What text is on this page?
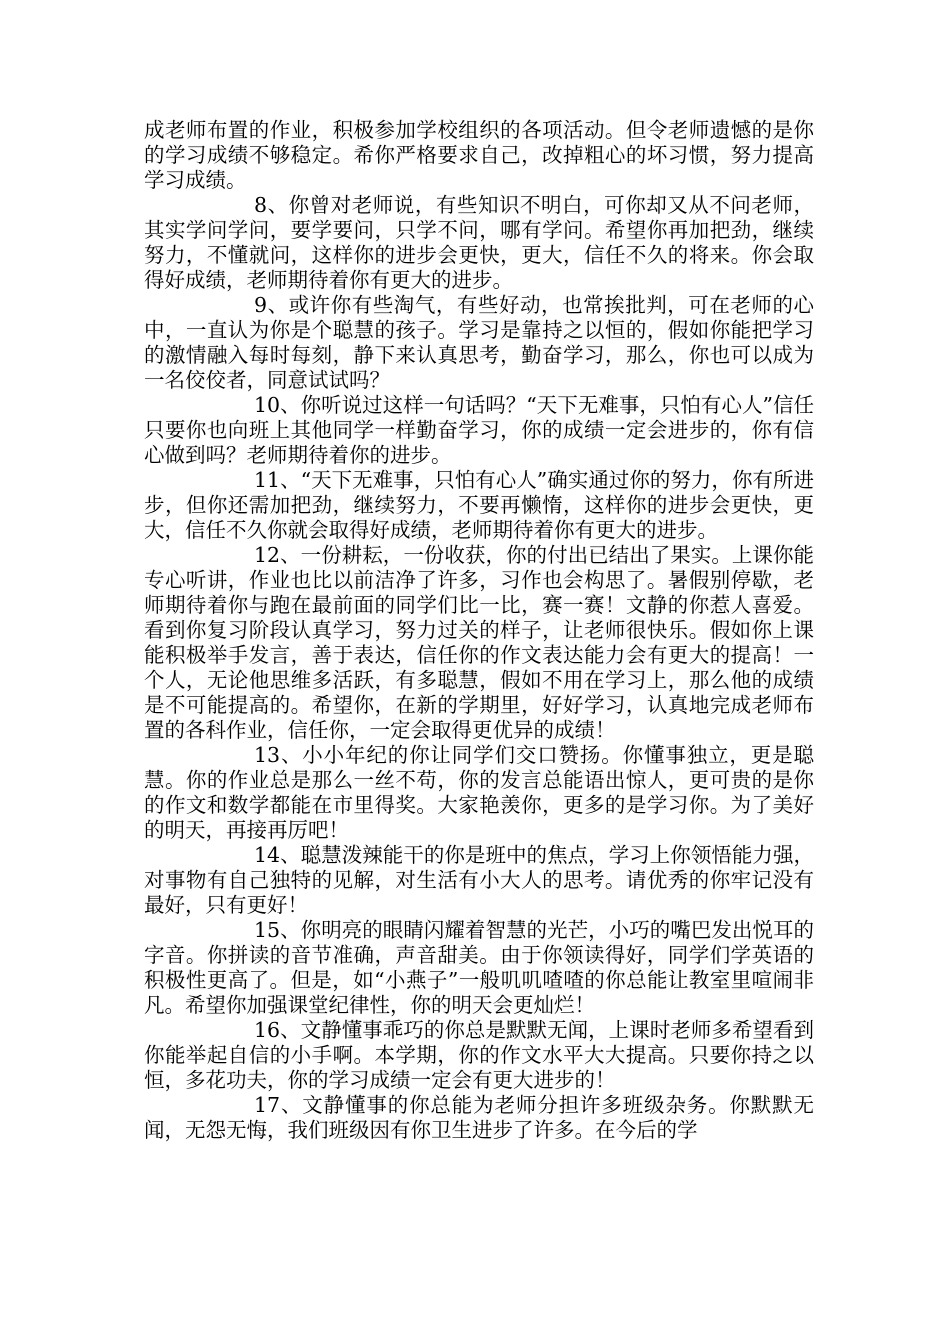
成老师布置的作业，积极参加学校组织的各项活动。但令老师遗憾的是你的学习成绩不够稳定。希你严格要求自己，改掉粗心的坏习惯，努力提高学习成绩。

8、你曾对老师说，有些知识不明白，可你却又从不问老师，其实学问学问，要学要问，只学不问，哪有学问。希望你再加把劲，继续努力，不懂就问，这样你的进步会更快，更大，信任不久的将来。你会取得好成绩，老师期待着你有更大的进步。

9、或许你有些淘气，有些好动，也常挨批判，可在老师的心中，一直认为你是个聪慧的孩子。学习是靠持之以恒的，假如你能把学习的激情融入每时每刻，静下来认真思考，勤奋学习，那么，你也可以成为一名佼佼者，同意试试吗？

10、你听说过这样一句话吗？“天下无难事，只怕有心人”信任只要你也向班上其他同学一样勤奋学习，你的成绩一定会进步的，你有信心做到吗？老师期待着你的进步。

11、“天下无难事，只怕有心人”确实通过你的努力，你有所进步，但你还需加把劲，继续努力，不要再懒惰，这样你的进步会更快，更大，信任不久你就会取得好成绩，老师期待着你有更大的进步。

12、一份耕耘，一份收获，你的付出已结出了果实。上课你能专心听讲，作业也比以前洁净了许多，习作也会构思了。暑假别停歇，老师期待着你与跑在最前面的同学们比一比，赛一赛！文静的你惹人喜爱。看到你复习阶段认真学习，努力过关的样子，让老师很快乐。假如你上课能积极举手发言，善于表达，信任你的作文表达能力会有更大的提高！一个人，无论他思维多活跃，有多聪慧，假如不用在学习上，那么他的成绩是不可能提高的。希望你，在新的学期里，好好学习，认真地完成老师布置的各科作业，信任你，一定会取得更优异的成绩！

13、小小年纪的你让同学们交口赞扬。你懂事独立，更是聪慧。你的作业总是那么一丝不苟，你的发言总能语出惊人，更可贵的是你的作文和数学都能在市里得奖。大家艳羡你，更多的是学习你。为了美好的明天，再接再厉吧！

14、聪慧泼辣能干的你是班中的焦点，学习上你领悟能力强，对事物有自己独特的见解，对生活有小大人的思考。请优秀的你牢记没有最好，只有更好！

15、你明亮的眼睛闪耀着智慧的光芒，小巧的嘴巴发出悦耳的字音。你拼读的音节准确，声音甜美。由于你领读得好，同学们学英语的积极性更高了。但是，如“小燕子”一般叽叽喳喳的你总能让教室里喧闹非凡。希望你加强课堂纪律性，你的明天会更灿烂！

16、文静懂事乖巧的你总是默默无闻，上课时老师多希望看到你能举起自信的小手啊。本学期，你的作文水平大大提高。只要你持之以恒，多花功夫，你的学习成绩一定会有更大进步的！

17、文静懂事的你总能为老师分担许多班级杂务。你默默无闻，无怨无悔，我们班级因有你卫生进步了许多。在今后的学
